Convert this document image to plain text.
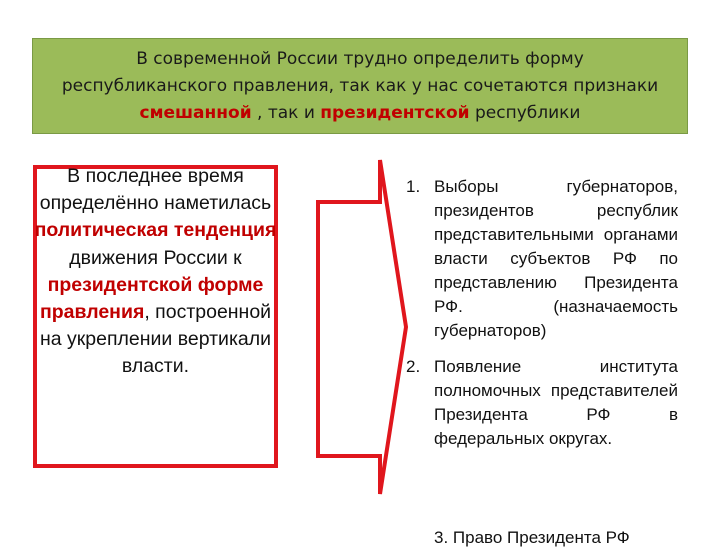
В современной России трудно определить форму республиканского правления, так как у нас сочетаются признаки смешанной , так и президентской республики
В последнее время определённо наметилась политическая тенденция движения России к президентской форме правления, построенной на укреплении вертикали власти.
1. Выборы губернаторов, президентов республик представительными органами власти субъектов РФ по представлению Президента РФ. (назначаемость губернаторов)
2. Появление института полномочных представителей Президента РФ в федеральных округах.
3. Право Президента РФ
